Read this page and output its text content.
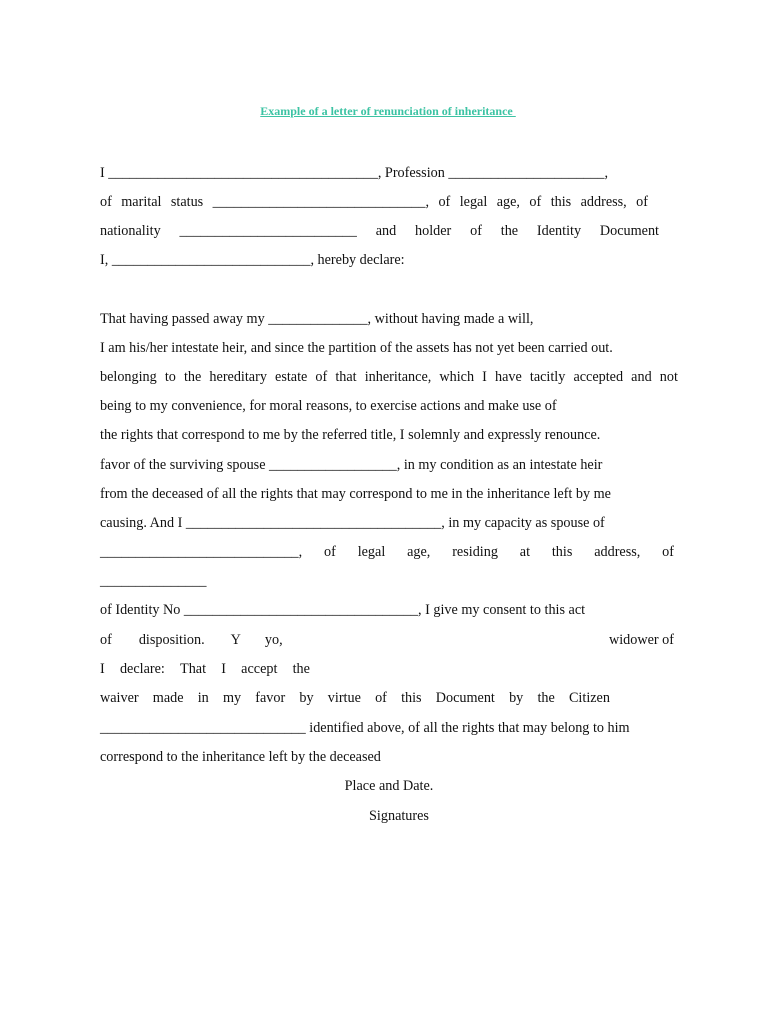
Example of a letter of renunciation of inheritance
I ______________________________________, Profession ______________________,
of marital status ______________________________, of legal age, of this address, of
nationality _________________________ and holder of the Identity Document
I, ____________________________, hereby declare:
That having passed away my ______________, without having made a will,
I am his/her intestate heir, and since the partition of the assets has not yet been carried out.
belonging to the hereditary estate of that inheritance, which I have tacitly accepted and not
being to my convenience, for moral reasons, to exercise actions and make use of
the rights that correspond to me by the referred title, I solemnly and expressly renounce.
favor of the surviving spouse __________________, in my condition as an intestate heir
from the deceased of all the rights that may correspond to me in the inheritance left by me
causing. And I ____________________________________, in my capacity as spouse of
____________________________, of legal age, residing at this address, of
_______________
of Identity No _________________________________, I give my consent to this act
of disposition. Y yo,	widower of
I declare: That I accept the
waiver made in my favor by virtue of this Document by the Citizen
_____________________________ identified above, of all the rights that may belong to him
correspond to the inheritance left by the deceased
Place and Date.
Signatures
